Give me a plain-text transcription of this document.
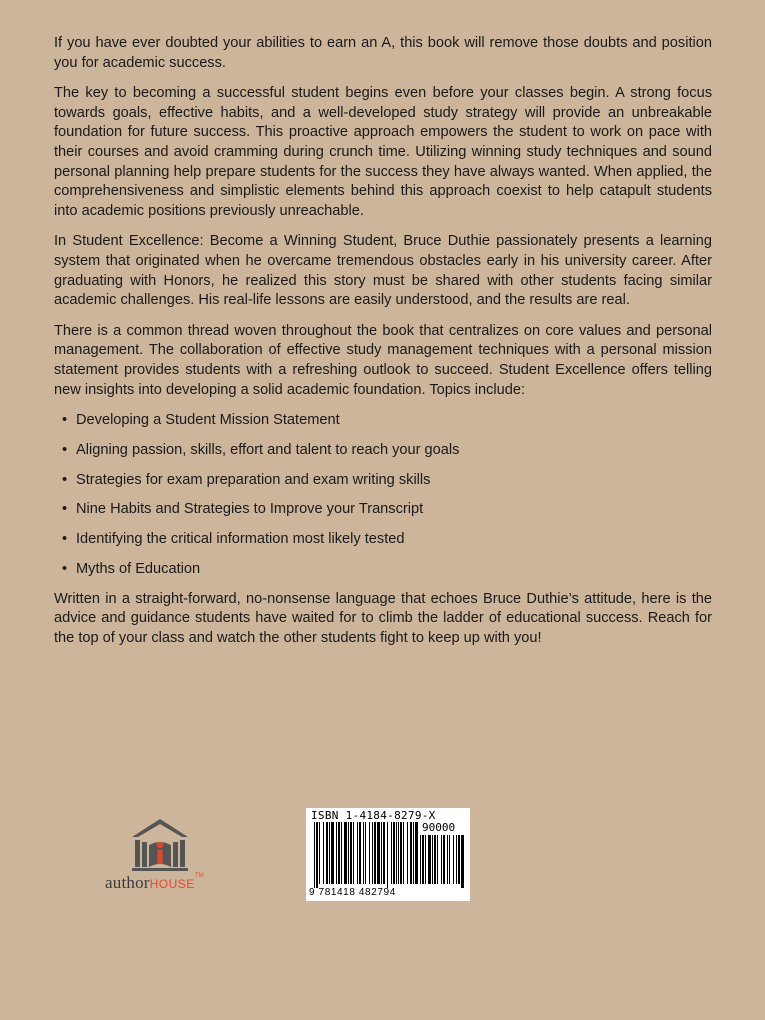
If you have ever doubted your abilities to earn an A, this book will remove those doubts and position you for academic success.

The key to becoming a successful student begins even before your classes begin. A strong focus towards goals, effective habits, and a well-developed study strategy will provide an unbreakable foundation for future success. This proactive approach empowers the student to work on pace with their courses and avoid cramming during crunch time. Utilizing winning study techniques and sound personal planning help prepare students for the success they have always wanted. When applied, the comprehensiveness and simplistic elements behind this approach coexist to help catapult students into academic positions previously unreachable.

In Student Excellence: Become a Winning Student, Bruce Duthie passionately presents a learning system that originated when he overcame tremendous obstacles early in his university career. After graduating with Honors, he realized this story must be shared with other students facing similar academic challenges. His real-life lessons are easily understood, and the results are real.

There is a common thread woven throughout the book that centralizes on core values and personal management. The collaboration of effective study management techniques with a personal mission statement provides students with a refreshing outlook to succeed. Student Excellence offers telling new insights into developing a solid academic foundation. Topics include:

• Developing a Student Mission Statement
• Aligning passion, skills, effort and talent to reach your goals
• Strategies for exam preparation and exam writing skills
• Nine Habits and Strategies to Improve your Transcript
• Identifying the critical information most likely tested
• Myths of Education

Written in a straight-forward, no-nonsense language that echoes Bruce Duthie’s attitude, here is the advice and guidance students have waited for to climb the ladder of educational success. Reach for the top of your class and watch the other students fight to keep up with you!

authorHOUSE™
ISBN 1-4184-8279-X
90000
9 781418 482794
